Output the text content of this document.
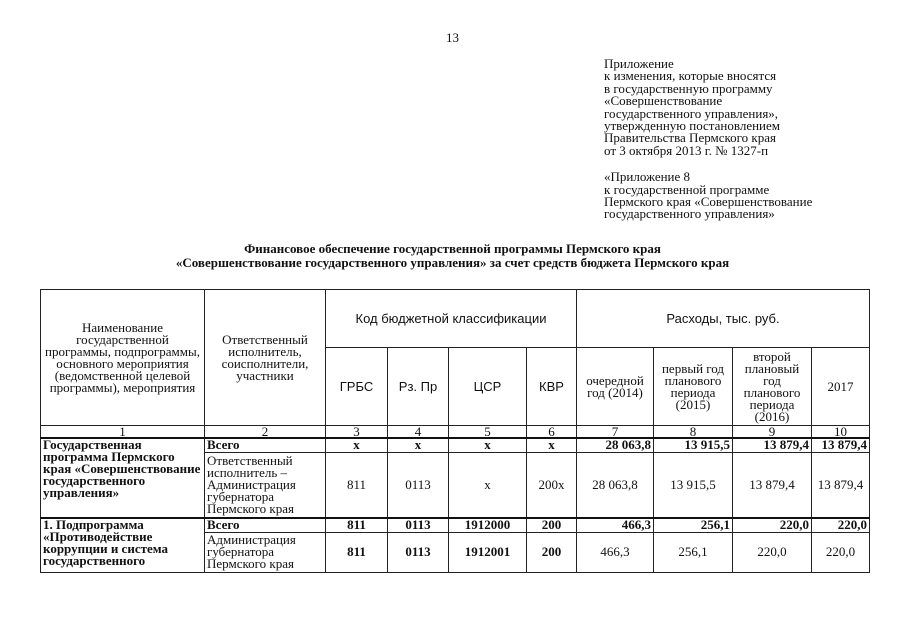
13
Приложение
к изменения, которые вносятся
в государственную программу
«Совершенствование
государственного управления»,
утвержденную постановлением
Правительства Пермского края
от 3 октября 2013 г. № 1327-п
«Приложение 8
к государственной программе
Пермского края «Совершенствование
государственного управления»
Финансовое обеспечение государственной программы Пермского края
«Совершенствование государственного управления» за счет средств бюджета Пермского края
Наименование государственной программы, подпрограммы, основного мероприятия (ведомственной целевой программы), мероприятия	Ответственный исполнитель, соисполнители, участники	Код бюджетной классификации				Расходы, тыс. руб.			
		ГРБС	Рз. Пр	ЦСР	КВР	очередной год (2014)	первый год планового периода (2015)	второй плановый год планового периода (2016)	2017
1	2	3	4	5	6	7	8	9	10
Государственная программа Пермского края «Совершенствование государственного управления»	Всего	х	х	х	х	28 063,8	13 915,5	13 879,4	13 879,4
	Ответственный исполнитель – Администрация губернатора Пермского края	811	0113	х	200х	28 063,8	13 915,5	13 879,4	13 879,4
1. Подпрограмма «Противодействие коррупции и система государственного	Всего	811	0113	1912000	200	466,3	256,1	220,0	220,0
	Администрация губернатора Пермского края	811	0113	1912001	200	466,3	256,1	220,0	220,0
